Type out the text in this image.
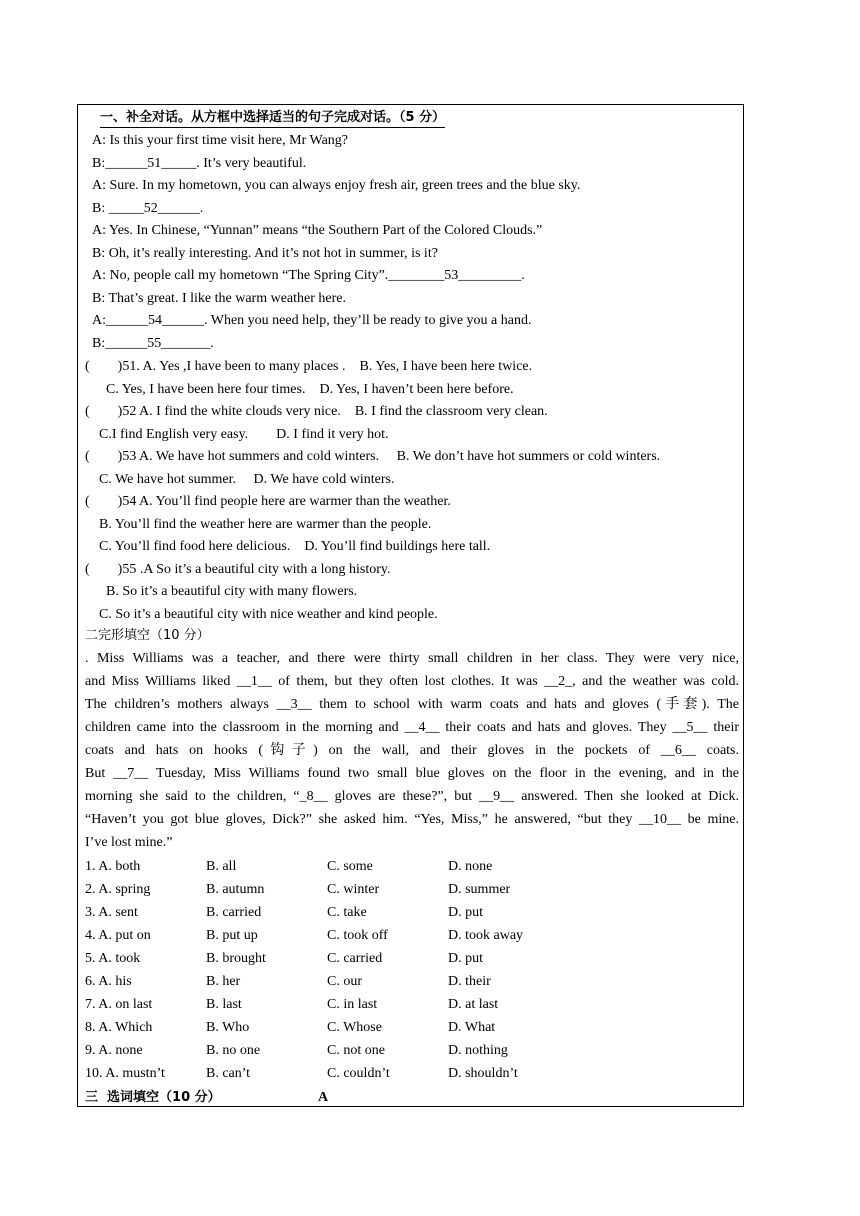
一、补全对话。从方框中选择适当的句子完成对话。（5 分）
A: Is this your first time visit here, Mr Wang?
B:______51_____. It’s very beautiful.
A: Sure. In my hometown, you can always enjoy fresh air, green trees and the blue sky.
B: _____52______.
A: Yes. In Chinese, “Yunnan” means “the Southern Part of the Colored Clouds.”
B: Oh, it’s really interesting. And it’s not hot in summer, is it?
A: No, people call my hometown “The Spring City”.________53_________.
B: That’s great. I like the warm weather here.
A:______54______. When you need help, they’ll be ready to give you a hand.
B:______55_______.
(        )51. A. Yes ,I have been to many places .    B. Yes, I have been here twice.
C. Yes, I have been here four times.    D. Yes, I haven’t been here before.
(        )52 A. I find the white clouds very nice.    B. I find the classroom very clean.
C.I find English very easy.        D. I find it very hot.
(        )53 A. We have hot summers and cold winters.     B. We don’t have hot summers or cold winters.
C. We have hot summer.     D. We have cold winters.
(        )54 A. You’ll find people here are warmer than the weather.
B. You’ll find the weather here are warmer than the people.
C. You’ll find food here delicious.    D. You’ll find buildings here tall.
(        )55 .A So it’s a beautiful city with a long history.
B. So it’s a beautiful city with many flowers.
C. So it’s a beautiful city with nice weather and kind people.
二完形填空（10 分）
. Miss Williams was a teacher, and there were thirty small children in her class. They were very nice,
and Miss Williams liked __1__ of them, but they often lost clothes. It was __2_, and the weather was cold.
The children’s mothers always __3__ them to school with warm coats and hats and gloves (手套). The
children came into the classroom in the morning and __4__ their coats and hats and gloves. They __5__ their
coats and hats on hooks (钩子) on the wall, and their gloves in the pockets of __6__ coats.
But __7__ Tuesday, Miss Williams found two small blue gloves on the floor in the evening, and in the
morning she said to the children, “_8__ gloves are these?”, but __9__ answered. Then she looked at Dick.
“Haven’t you got blue gloves, Dick?” she asked him. “Yes, Miss,” he answered, “but they __10__ be mine.
I’ve lost mine.”
1. A. both	B. all	C. some	D. none
2. A. spring	B. autumn	C. winter	D. summer
3. A. sent	B. carried	C. take	D. put
4. A. put on	B. put up	C. took off	D. took away
5. A. took	B. brought	C. carried	D. put
6. A. his	B. her	C. our	D. their
7. A. on last	B. last	C. in last	D. at last
8. A. Which	B. Who	C. Whose	D. What
9. A. none	B. no one	C. not one	D. nothing
10. A. mustn’t	B. can’t	C. couldn’t	D. shouldn’t
三  选词填空（10 分）	A
